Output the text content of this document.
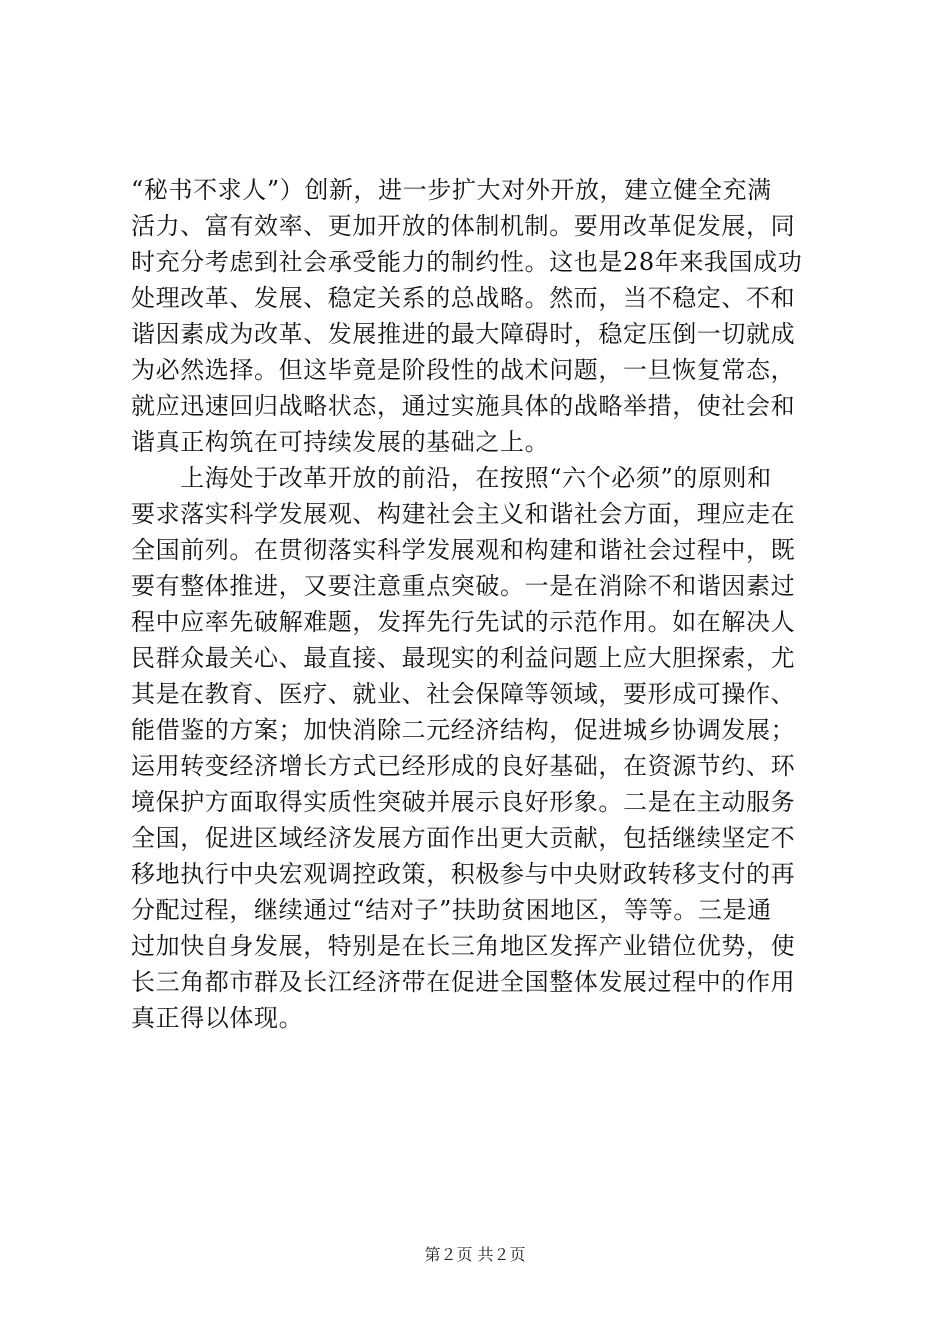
“秘书不求人”）创新，进一步扩大对外开放，建立健全充满
活力、富有效率、更加开放的体制机制。要用改革促发展，同
时充分考虑到社会承受能力的制约性。这也是28年来我国成功
处理改革、发展、稳定关系的总战略。然而，当不稳定、不和
谐因素成为改革、发展推进的最大障碍时，稳定压倒一切就成
为必然选择。但这毕竟是阶段性的战术问题，一旦恢复常态，
就应迅速回归战略状态，通过实施具体的战略举措，使社会和
谐真正构筑在可持续发展的基础之上。
　　上海处于改革开放的前沿，在按照“六个必须”的原则和
要求落实科学发展观、构建社会主义和谐社会方面，理应走在
全国前列。在贯彻落实科学发展观和构建和谐社会过程中，既
要有整体推进，又要注意重点突破。一是在消除不和谐因素过
程中应率先破解难题，发挥先行先试的示范作用。如在解决人
民群众最关心、最直接、最现实的利益问题上应大胆探索，尤
其是在教育、医疗、就业、社会保障等领域，要形成可操作、
能借鉴的方案；加快消除二元经济结构，促进城乡协调发展；
运用转变经济增长方式已经形成的良好基础，在资源节约、环
境保护方面取得实质性突破并展示良好形象。二是在主动服务
全国，促进区域经济发展方面作出更大贡献，包括继续坚定不
移地执行中央宏观调控政策，积极参与中央财政转移支付的再
分配过程，继续通过“结对子”扶助贫困地区，等等。三是通
过加快自身发展，特别是在长三角地区发挥产业错位优势，使
长三角都市群及长江经济带在促进全国整体发展过程中的作用
真正得以体现。
第２页 共２页
